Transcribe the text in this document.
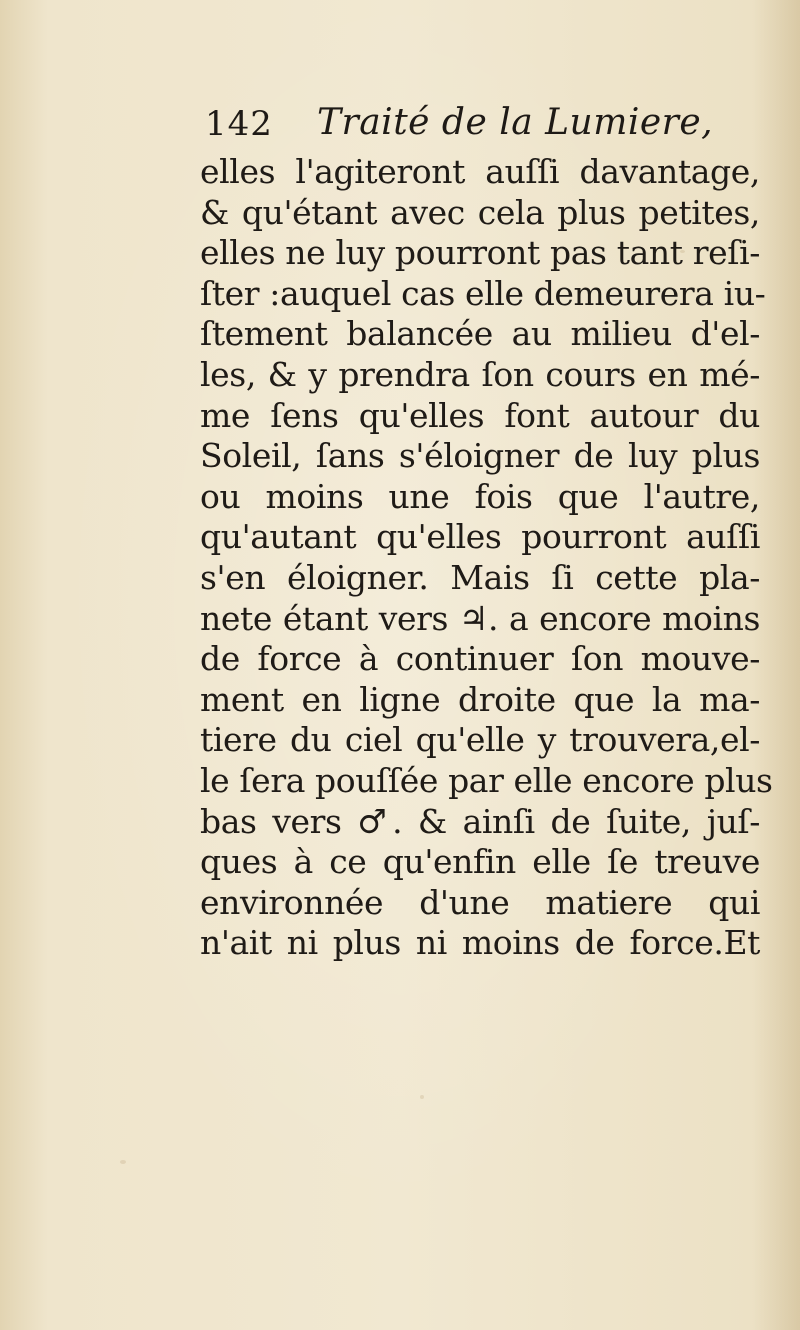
142 Traité de la Lumiere,
elles l'agiteront auſſi davantage,
& qu'étant avec cela plus petites,
elles ne luy pourront pas tant reſi-
ſter :auquel cas elle demeurera iu-
ſtement balancée au milieu d'el-
les, & y prendra ſon cours en mé-
me ſens qu'elles font autour du
Soleil, ſans s'éloigner de luy plus
ou moins une fois que l'autre,
qu'autant qu'elles pourront auſſi
s'en éloigner. Mais ſi cette pla-
nete étant vers ♃. a encore moins
de force à continuer ſon mouve-
ment en ligne droite que la ma-
tiere du ciel qu'elle y trouvera,el-
le ſera pouſſée par elle encore plus
bas vers ♂. & ainſi de ſuite, juſ-
ques à ce qu'enfin elle ſe treuve
environnée d'une matiere qui
n'ait ni plus ni moins de force.Et
